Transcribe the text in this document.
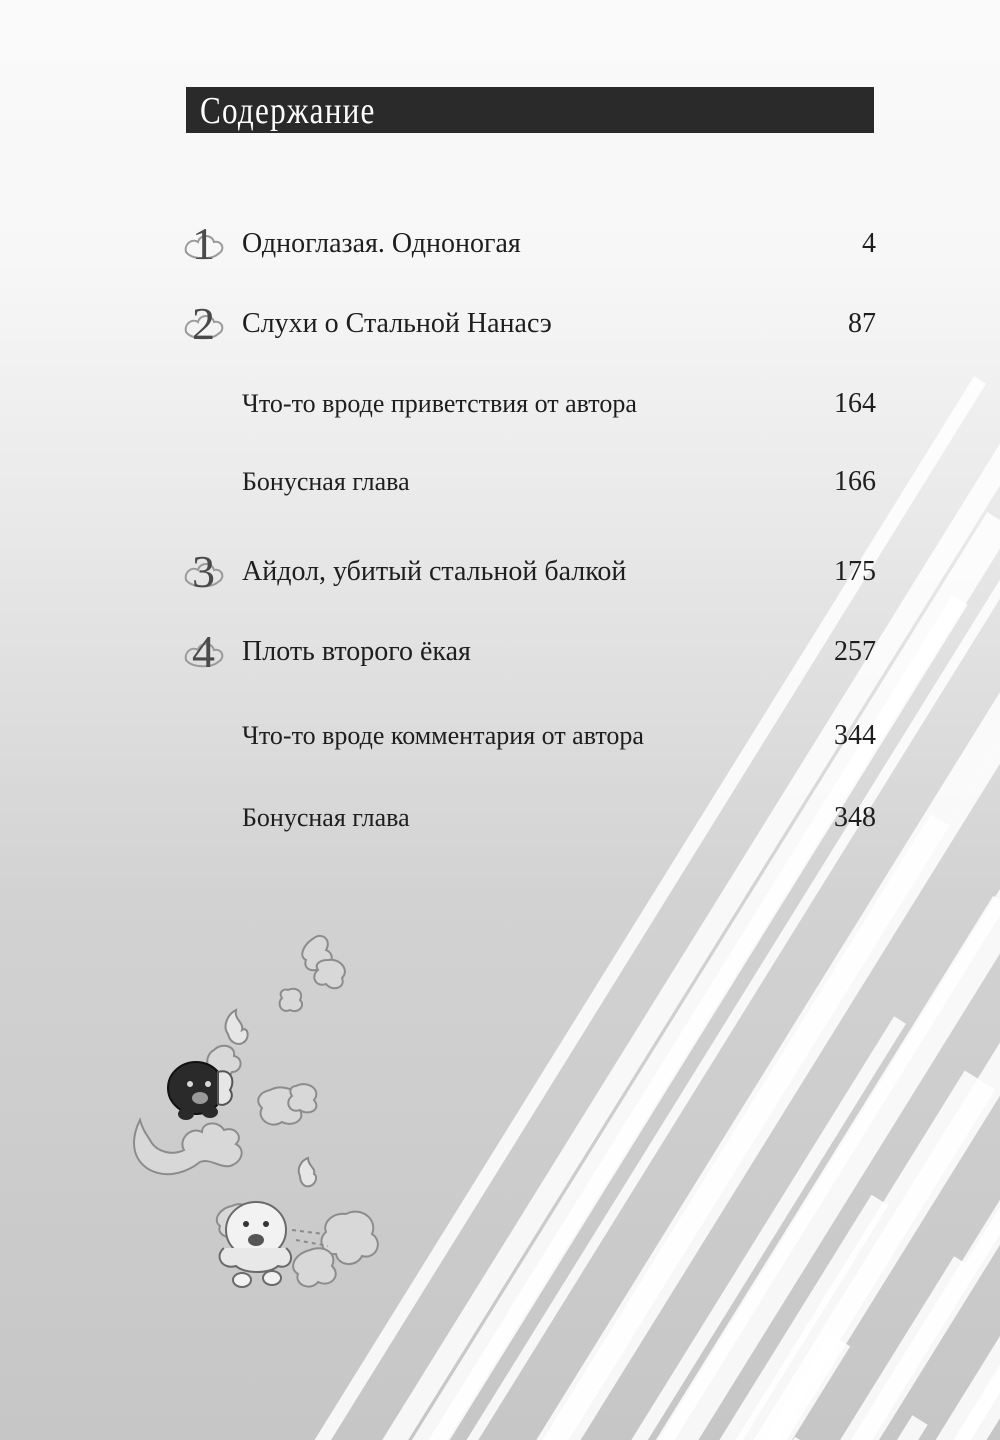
Содержание
1 Одноглазая. Одноногая	4
2 Слухи о Стальной Нанасэ	87
Что-то вроде приветствия от автора	164
Бонусная глава	166
3 Айдол, убитый стальной балкой	175
4 Плоть второго ёкая	257
Что-то вроде комментария от автора	344
Бонусная глава	348
